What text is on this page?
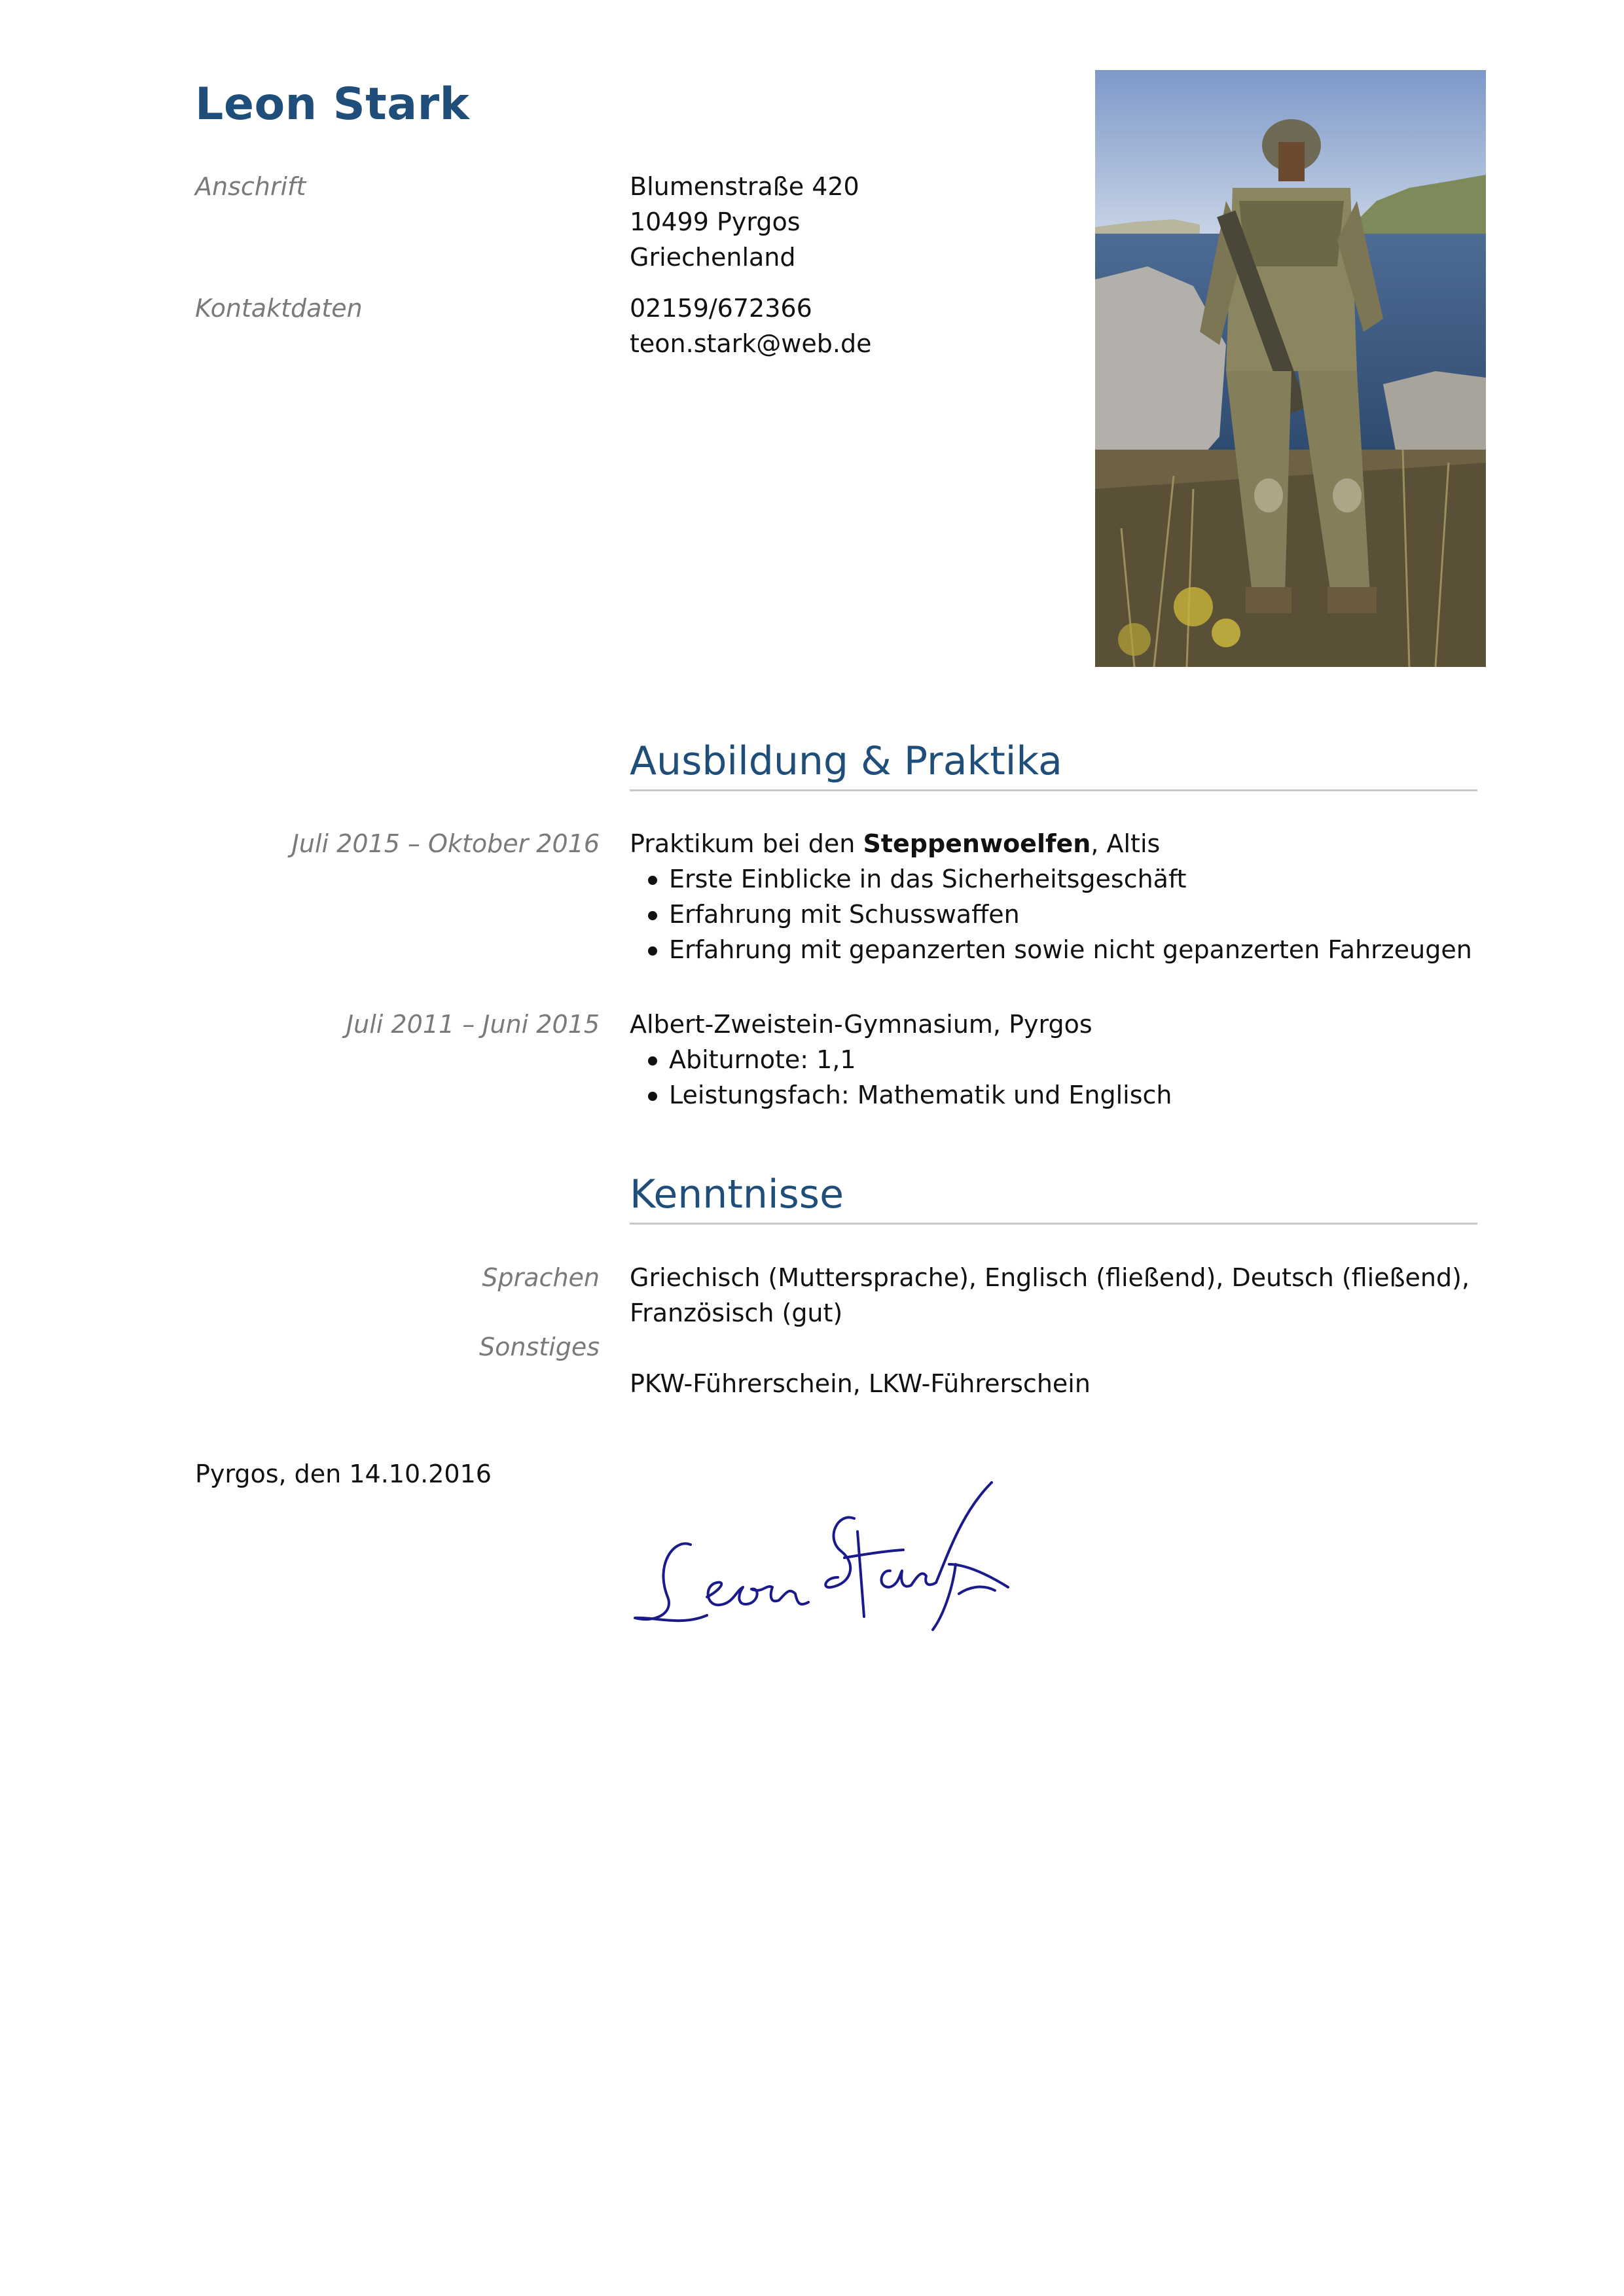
Leon Stark
Anschrift	Blumenstraße 420
10499 Pyrgos
Griechenland
Kontaktdaten	02159/672366
teon.stark@web.de
Ausbildung & Praktika
Juli 2015 – Oktober 2016 Praktikum bei den Steppenwoelfen, Altis
Erste Einblicke in das Sicherheitsgeschäft
Erfahrung mit Schusswaffen
Erfahrung mit gepanzerten sowie nicht gepanzerten Fahrzeugen
Juli 2011 – Juni 2015 Albert-Zweistein-Gymnasium, Pyrgos
Abiturnote: 1,1
Leistungsfach: Mathematik und Englisch
Kenntnisse
Sprachen Griechisch (Muttersprache), Englisch (fließend), Deutsch (fließend),
Französisch (gut)
Sonstiges
PKW-Führerschein, LKW-Führerschein
Pyrgos, den 14.10.2016
